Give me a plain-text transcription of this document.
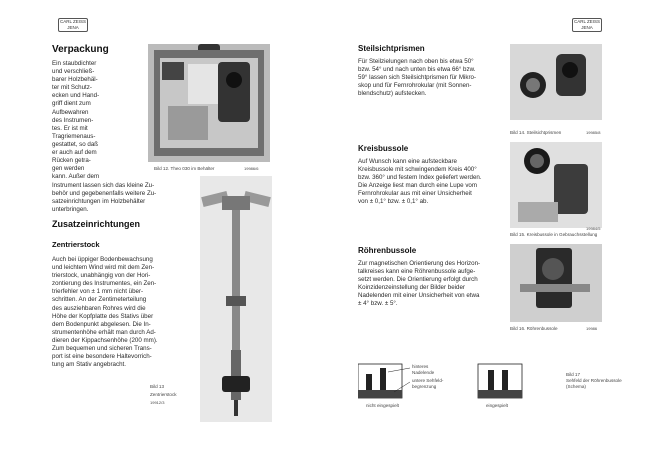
CARL ZEISS
JENA
Verpackung
Ein staubdichter
und verschließ-
barer Holzbehäl-
ter mit Schutz-
ecken und Hand-
griff dient zum
Aufbewahren
des Instrumen-
tes. Er ist mit
Tragriemenaus-
gestattet, so daß
er auch auf dem
Rücken getra-
gen werden
kann. Außer dem
Bild 12. Theo 030 im Behälter	19986/6
Instrument lassen sich das kleine Zu-
behör und gegebenenfalls weitere Zu-
satzeinrichtungen im Holzbehälter
unterbringen.
Zusatzeinrichtungen
Zentrierstock
Auch bei üppiger Bodenbewachsung
und leichtem Wind wird mit dem Zen-
trierstock, unabhängig von der Hori-
zontierung des Instrumentes, ein Zen-
trierfehler von ± 1 mm nicht über-
schritten. An der Zentimeterteilung
des ausziehbaren Rohres wird die
Höhe der Kopfplatte des Stativs über
dem Bodenpunkt abgelesen. Die In-
strumentenhöhe erhält man durch Ad-
dieren der Kippachsenhöhe (200 mm).
Zum bequemen und sicheren Trans-
port ist eine besondere Haltevorrich-
tung am Stativ angebracht.
Bild 13
Zentrierstock
19912/3
CARL ZEISS
JENA
Steilsichtprismen
Für Steilzielungen nach oben bis etwa 50°
bzw. 54° und nach unten bis etwa 66° bzw.
59° lassen sich Steilsichtprismen für Mikro-
skop und für Fernrohrokular (mit Sonnen-
blendschutz) aufstecken.
Bild 14. Steilsichtprismen	19985/8
Kreisbussole
Auf Wunsch kann eine aufsteckbare
Kreisbussole mit schwingendem Kreis 400°
bzw. 360° und festem Index geliefert werden.
Die Anzeige liest man durch eine Lupe vom
Fernrohrokular aus mit einer Unsicherheit
von ± 0,1° bzw. ± 0,1° ab.
Bild 15. Kreisbussole in Gebrauchsstellung
19984/5
Röhrenbussole
Zur magnetischen Orientierung des Horizon-
talkreises kann eine Röhrenbussole aufge-
setzt werden. Die Orientierung erfolgt durch
Koinzidenzeinstellung der Bilder beider
Nadelenden mit einer Unsicherheit von etwa
± 4° bzw. ± 5°.
Bild 16. Röhrenbussole	19986
hinteres
Nadelende
untere Sehfeld-
begrenzung
nicht eingespielt	eingespielt
Bild 17
Sehfeld der Röhrenbussole
(Schema)
